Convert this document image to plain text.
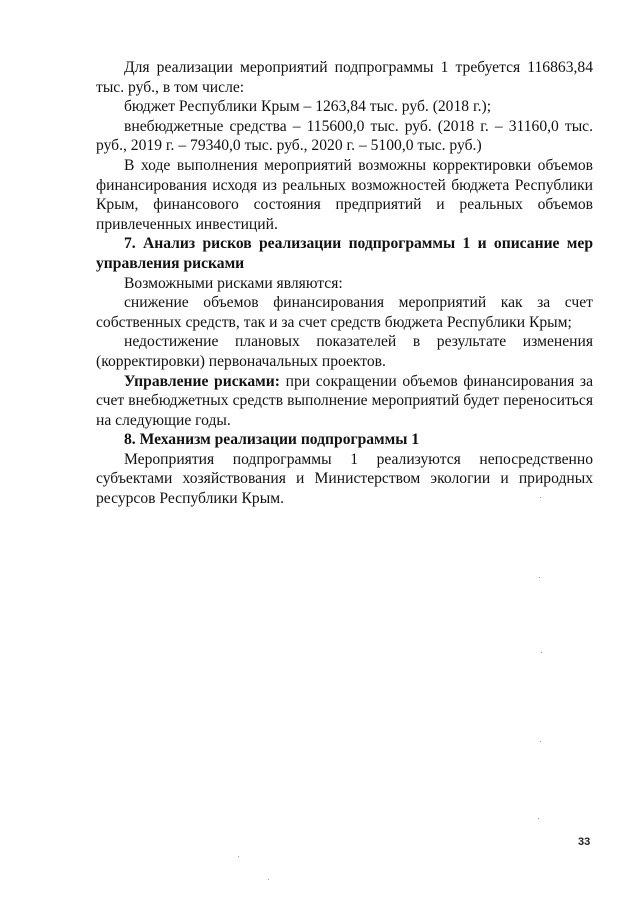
Для реализации мероприятий подпрограммы 1 требуется 116863,84 тыс. руб., в том числе:

бюджет Республики Крым – 1263,84 тыс. руб. (2018 г.);

внебюджетные средства – 115600,0 тыс. руб. (2018 г. – 31160,0 тыс. руб., 2019 г. – 79340,0 тыс. руб., 2020 г. – 5100,0 тыс. руб.)

В ходе выполнения мероприятий возможны корректировки объемов финансирования исходя из реальных возможностей бюджета Республики Крым, финансового состояния предприятий и реальных объемов привлеченных инвестиций.

7. Анализ рисков реализации подпрограммы 1 и описание мер управления рисками

Возможными рисками являются:

снижение объемов финансирования мероприятий как за счет собственных средств, так и за счет средств бюджета Республики Крым;

недостижение плановых показателей в результате изменения (корректировки) первоначальных проектов.

Управление рисками: при сокращении объемов финансирования за счет внебюджетных средств выполнение мероприятий будет переноситься на следующие годы.

8. Механизм реализации подпрограммы 1

Мероприятия подпрограммы 1 реализуются непосредственно субъектами хозяйствования и Министерством экологии и природных ресурсов Республики Крым.

33
